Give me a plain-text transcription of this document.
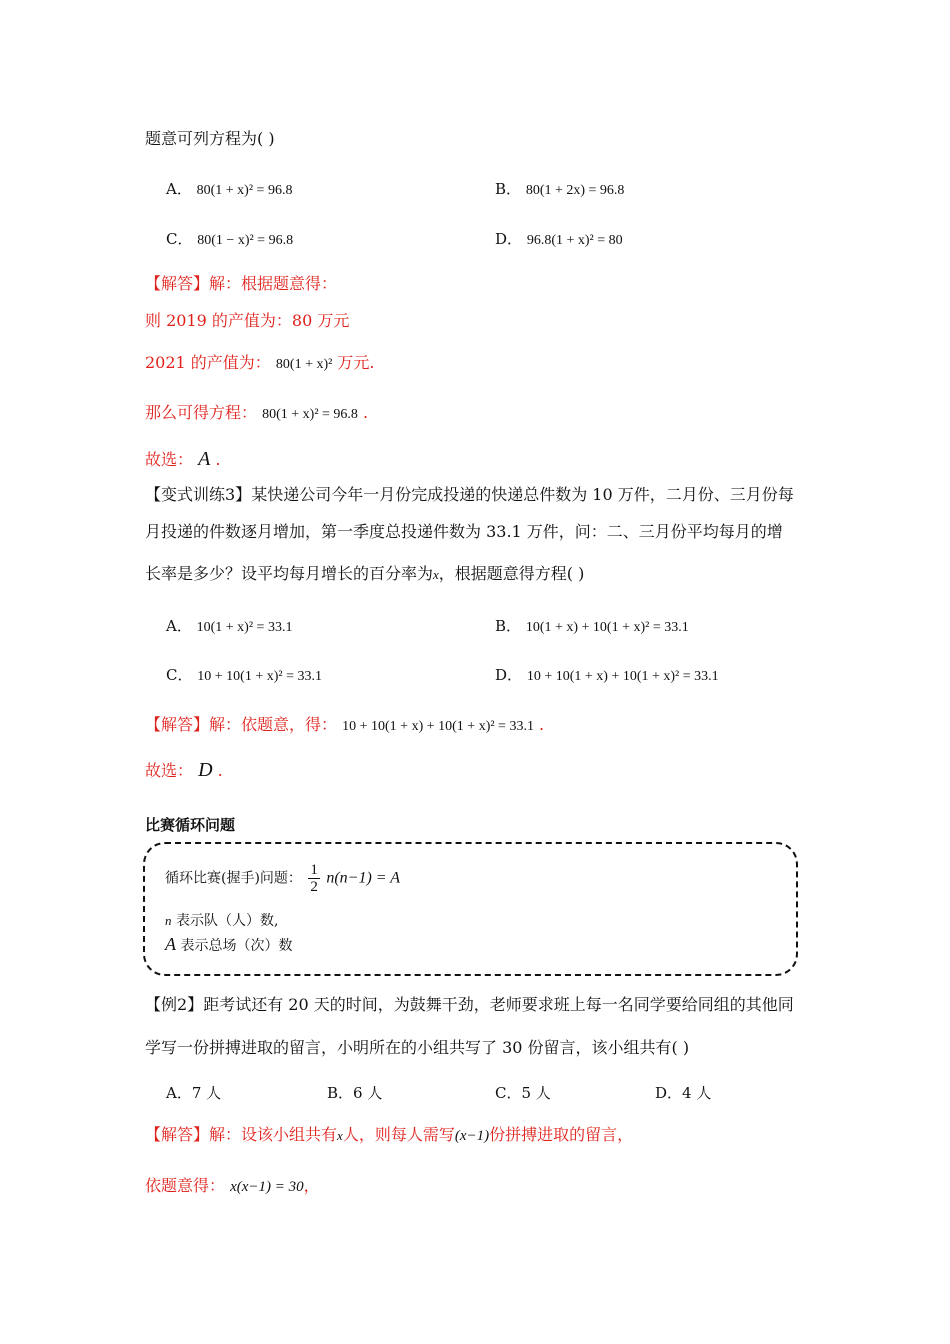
题意可列方程为( )
A． 80(1 + x)² = 96.8	B． 80(1 + 2x) = 96.8
C． 80(1 − x)² = 96.8	D． 96.8(1 + x)² = 80
【解答】解：根据题意得：
则 2019 的产值为：80 万元
2021 的产值为： 80(1 + x)² 万元.
那么可得方程： 80(1 + x)² = 96.8 .
故选： A .
【变式训练3】某快递公司今年一月份完成投递的快递总件数为 10 万件，二月份、三月份每
月投递的件数逐月增加，第一季度总投递件数为 33.1 万件，问：二、三月份平均每月的增
长率是多少？设平均每月增长的百分率为x，根据题意得方程( )
A． 10(1 + x)² = 33.1	B． 10(1 + x) + 10(1 + x)² = 33.1
C． 10 + 10(1 + x)² = 33.1	D． 10 + 10(1 + x) + 10(1 + x)² = 33.1
【解答】解：依题意，得： 10 + 10(1 + x) + 10(1 + x)² = 33.1 .
故选： D .
比赛循环问题
循环比赛(握手)问题： $\frac{1}{2} n(n-1) = A$
n 表示队（人）数,
A 表示总场（次）数
【例2】距考试还有 20 天的时间，为鼓舞干劲，老师要求班上每一名同学要给同组的其他同
学写一份拼搏进取的留言，小明所在的小组共写了 30 份留言，该小组共有( )
A．7 人	B．6 人	C．5 人	D．4 人
【解答】解：设该小组共有x人，则每人需写(x−1)份拼搏进取的留言，
依题意得： x(x−1) = 30，
